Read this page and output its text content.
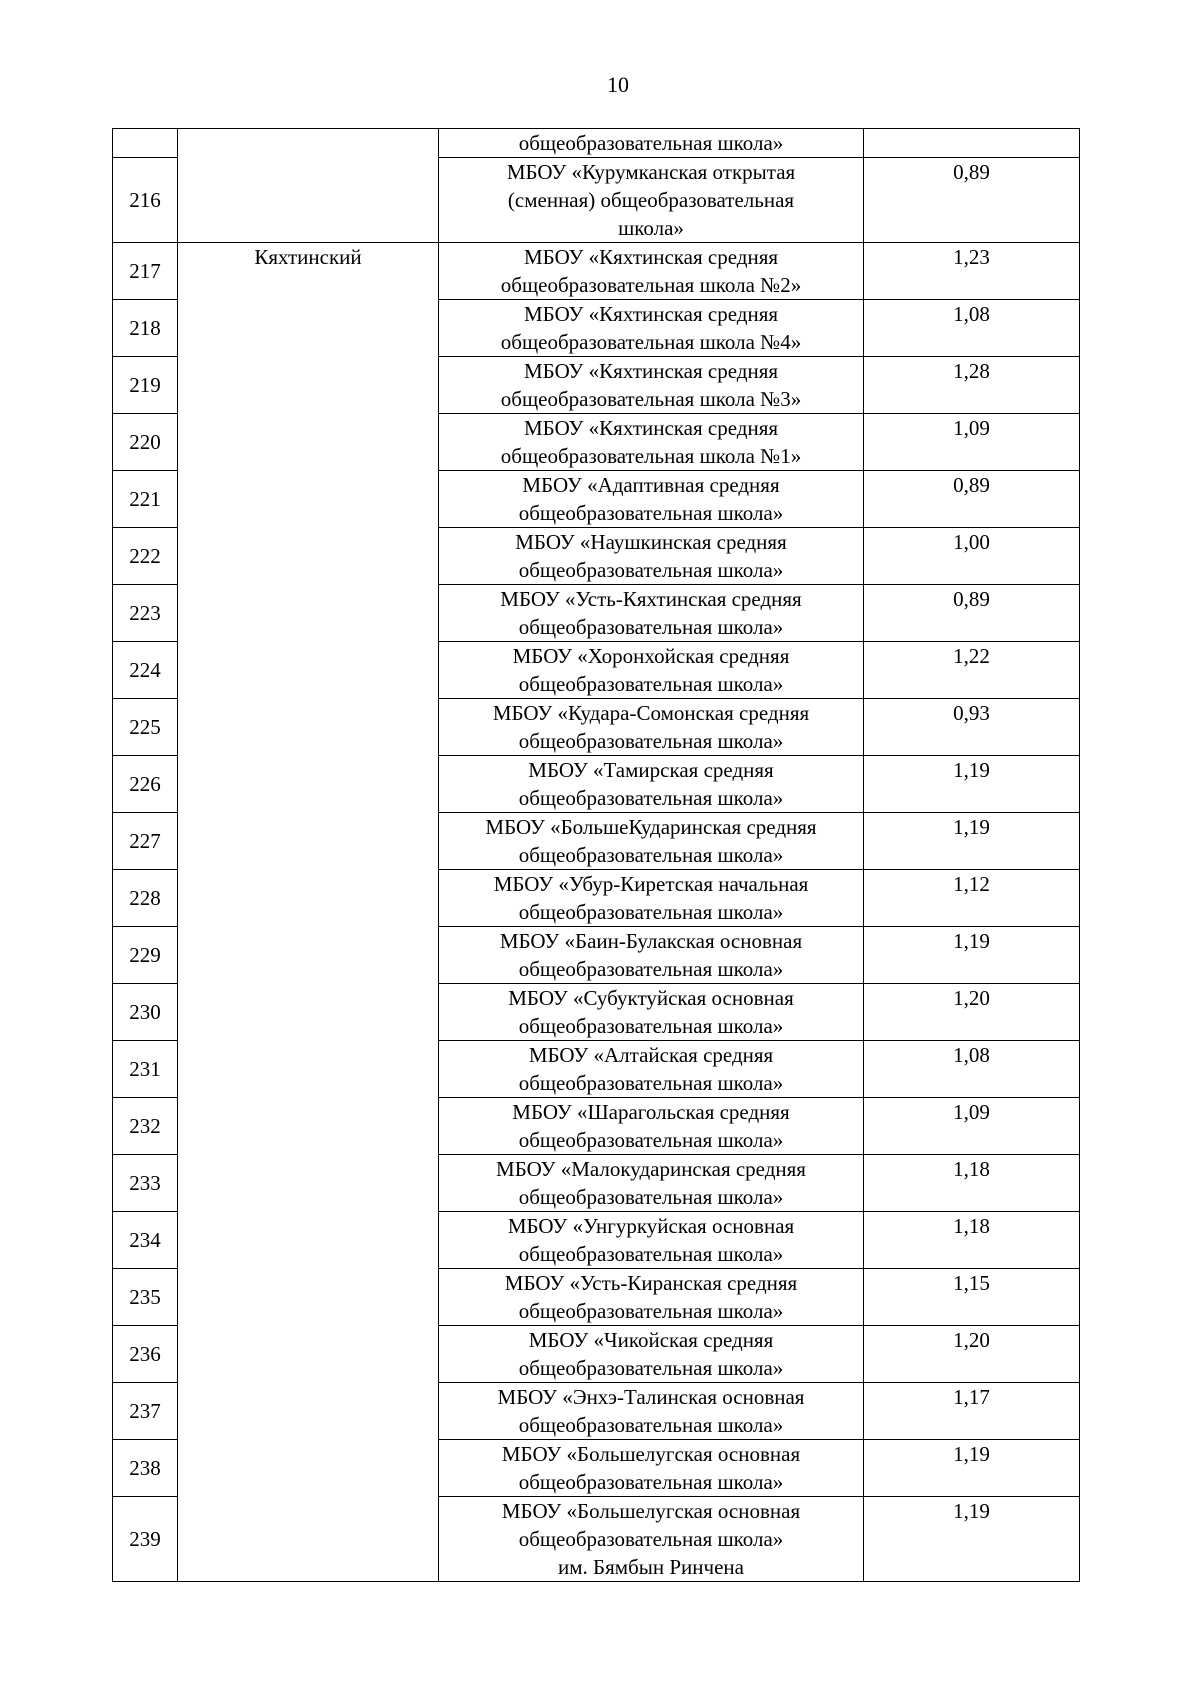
10
		общеобразовательная школа»	
216		МБОУ «Курумканская открытая
(сменная) общеобразовательная
школа»	0,89
217	Кяхтинский	МБОУ «Кяхтинская средняя
общеобразовательная школа №2»	1,23
218		МБОУ «Кяхтинская средняя
общеобразовательная школа №4»	1,08
219		МБОУ «Кяхтинская средняя
общеобразовательная школа №3»	1,28
220		МБОУ «Кяхтинская средняя
общеобразовательная школа №1»	1,09
221		МБОУ «Адаптивная средняя
общеобразовательная школа»	0,89
222		МБОУ «Наушкинская средняя
общеобразовательная школа»	1,00
223		МБОУ «Усть-Кяхтинская средняя
общеобразовательная школа»	0,89
224		МБОУ «Хоронхойская средняя
общеобразовательная школа»	1,22
225		МБОУ «Кудара-Сомонская средняя
общеобразовательная школа»	0,93
226		МБОУ «Тамирская средняя
общеобразовательная школа»	1,19
227		МБОУ «БольшеКударинская средняя
общеобразовательная школа»	1,19
228		МБОУ «Убур-Киретская начальная
общеобразовательная школа»	1,12
229		МБОУ «Баин-Булакская основная
общеобразовательная школа»	1,19
230		МБОУ «Субуктуйская основная
общеобразовательная школа»	1,20
231		МБОУ «Алтайская средняя
общеобразовательная школа»	1,08
232		МБОУ «Шарагольская средняя
общеобразовательная школа»	1,09
233		МБОУ «Малокударинская средняя
общеобразовательная школа»	1,18
234		МБОУ «Унгуркуйская основная
общеобразовательная школа»	1,18
235		МБОУ «Усть-Киранская средняя
общеобразовательная школа»	1,15
236		МБОУ «Чикойская средняя
общеобразовательная школа»	1,20
237		МБОУ «Энхэ-Талинская основная
общеобразовательная школа»	1,17
238		МБОУ «Большелугская основная
общеобразовательная школа»	1,19
239		МБОУ «Большелугская основная
общеобразовательная школа»
им. Бямбын Ринчена	1,19
